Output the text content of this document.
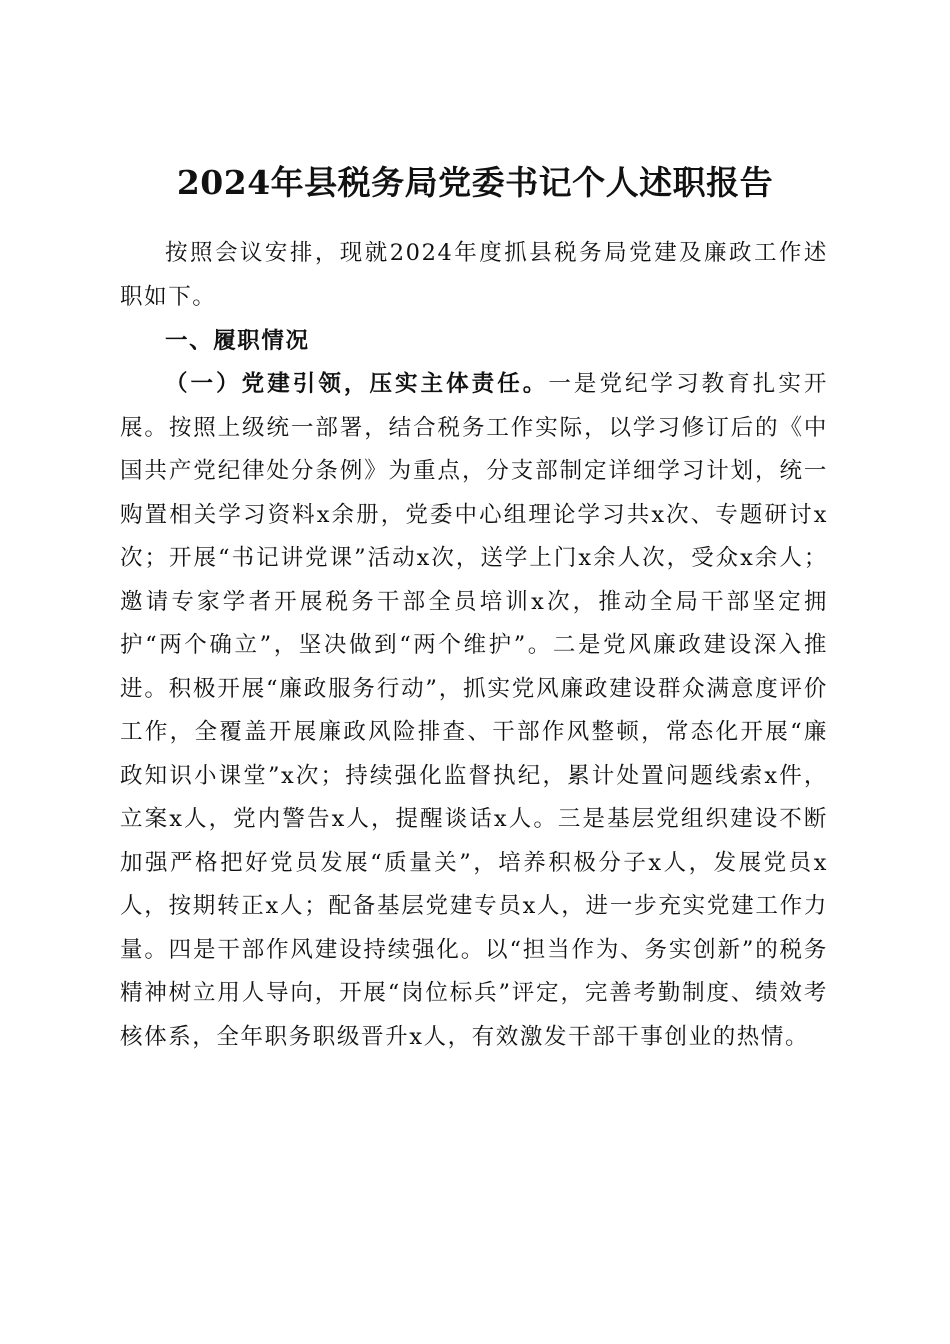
2024年县税务局党委书记个人述职报告

按照会议安排，现就2024年度抓县税务局党建及廉政工作述职如下。

一、履职情况

（一）党建引领，压实主体责任。一是党纪学习教育扎实开展。按照上级统一部署，结合税务工作实际，以学习修订后的《中国共产党纪律处分条例》为重点，分支部制定详细学习计划，统一购置相关学习资料x余册，党委中心组理论学习共x次、专题研讨x次；开展“书记讲党课”活动x次，送学上门x余人次，受众x余人；邀请专家学者开展税务干部全员培训x次，推动全局干部坚定拥护“两个确立”，坚决做到“两个维护”。二是党风廉政建设深入推进。积极开展“廉政服务行动”，抓实党风廉政建设群众满意度评价工作，全覆盖开展廉政风险排查、干部作风整顿，常态化开展“廉政知识小课堂”x次；持续强化监督执纪，累计处置问题线索x件，立案x人，党内警告x人，提醒谈话x人。三是基层党组织建设不断加强严格把好党员发展“质量关”，培养积极分子x人，发展党员x人，按期转正x人；配备基层党建专员x人，进一步充实党建工作力量。四是干部作风建设持续强化。以“担当作为、务实创新”的税务精神树立用人导向，开展“岗位标兵”评定，完善考勤制度、绩效考核体系，全年职务职级晋升x人，有效激发干部干事创业的热情。
